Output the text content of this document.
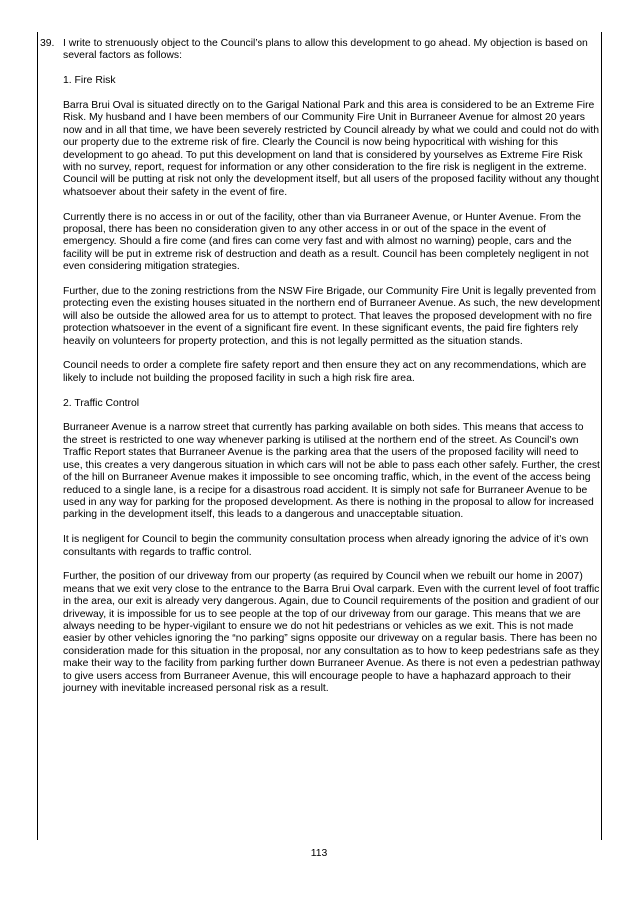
39. I write to strenuously object to the Council’s plans to allow this development to go ahead. My objection is based on several factors as follows:

1. Fire Risk

Barra Brui Oval is situated directly on to the Garigal National Park and this area is considered to be an Extreme Fire Risk. My husband and I have been members of our Community Fire Unit in Burraneer Avenue for almost 20 years now and in all that time, we have been severely restricted by Council already by what we could and could not do with our property due to the extreme risk of fire. Clearly the Council is now being hypocritical with wishing for this development to go ahead. To put this development on land that is considered by yourselves as Extreme Fire Risk with no survey, report, request for information or any other consideration to the fire risk is negligent in the extreme. Council will be putting at risk not only the development itself, but all users of the proposed facility without any thought whatsoever about their safety in the event of fire.

Currently there is no access in or out of the facility, other than via Burraneer Avenue, or Hunter Avenue. From the proposal, there has been no consideration given to any other access in or out of the space in the event of emergency. Should a fire come (and fires can come very fast and with almost no warning) people, cars and the facility will be put in extreme risk of destruction and death as a result. Council has been completely negligent in not even considering mitigation strategies.

Further, due to the zoning restrictions from the NSW Fire Brigade, our Community Fire Unit is legally prevented from protecting even the existing houses situated in the northern end of Burraneer Avenue. As such, the new development will also be outside the allowed area for us to attempt to protect. That leaves the proposed development with no fire protection whatsoever in the event of a significant fire event. In these significant events, the paid fire fighters rely heavily on volunteers for property protection, and this is not legally permitted as the situation stands.

Council needs to order a complete fire safety report and then ensure they act on any recommendations, which are likely to include not building the proposed facility in such a high risk fire area.

2. Traffic Control

Burraneer Avenue is a narrow street that currently has parking available on both sides. This means that access to the street is restricted to one way whenever parking is utilised at the northern end of the street. As Council’s own Traffic Report states that Burraneer Avenue is the parking area that the users of the proposed facility will need to use, this creates a very dangerous situation in which cars will not be able to pass each other safely. Further, the crest of the hill on Burraneer Avenue makes it impossible to see oncoming traffic, which, in the event of the access being reduced to a single lane, is a recipe for a disastrous road accident. It is simply not safe for Burraneer Avenue to be used in any way for parking for the proposed development. As there is nothing in the proposal to allow for increased parking in the development itself, this leads to a dangerous and unacceptable situation.

It is negligent for Council to begin the community consultation process when already ignoring the advice of it’s own consultants with regards to traffic control.

Further, the position of our driveway from our property (as required by Council when we rebuilt our home in 2007) means that we exit very close to the entrance to the Barra Brui Oval carpark. Even with the current level of foot traffic in the area, our exit is already very dangerous. Again, due to Council requirements of the position and gradient of our driveway, it is impossible for us to see people at the top of our driveway from our garage. This means that we are always needing to be hyper-vigilant to ensure we do not hit pedestrians or vehicles as we exit. This is not made easier by other vehicles ignoring the “no parking” signs opposite our driveway on a regular basis. There has been no consideration made for this situation in the proposal, nor any consultation as to how to keep pedestrians safe as they make their way to the facility from parking further down Burraneer Avenue. As there is not even a pedestrian pathway to give users access from Burraneer Avenue, this will encourage people to have a haphazard approach to their journey with inevitable increased personal risk as a result.

113
